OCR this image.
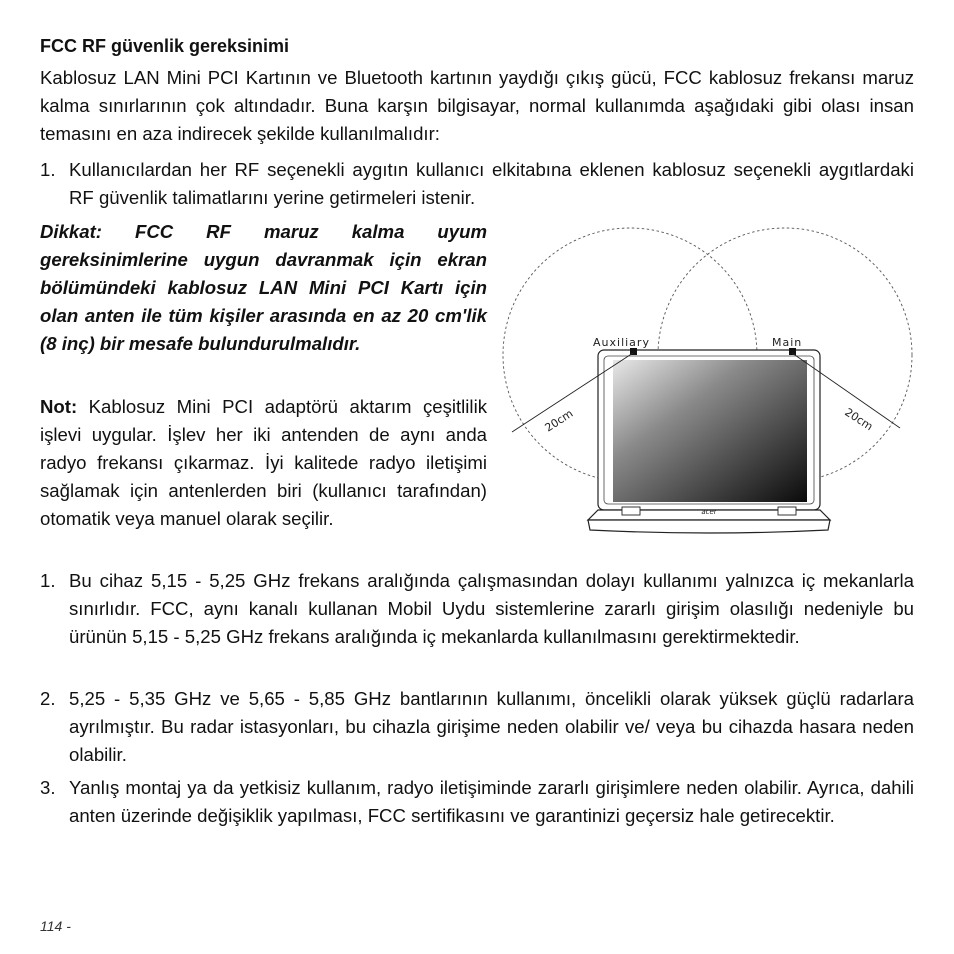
FCC RF güvenlik gereksinimi

Kablosuz LAN Mini PCI Kartının ve Bluetooth kartının yaydığı çıkış gücü, FCC kablosuz frekansı maruz kalma sınırlarının çok altındadır. Buna karşın bilgisayar, normal kullanımda aşağıdaki gibi olası insan temasını en aza indirecek şekilde kullanılmalıdır:

1. Kullanıcılardan her RF seçenekli aygıtın kullanıcı elkitabına eklenen kablosuz seçenekli aygıtlardaki RF güvenlik talimatlarını yerine getirmeleri istenir.

Dikkat: FCC RF maruz kalma uyum gereksinimlerine uygun davranmak için ekran bölümündeki kablosuz LAN Mini PCI Kartı için olan anten ile tüm kişiler arasında en az 20 cm'lik (8 inç) bir mesafe bulundurulmalıdır.

Not: Kablosuz Mini PCI adaptörü aktarım çeşitlilik işlevi uygular. İşlev her iki antenden de aynı anda radyo frekansı çıkarmaz. İyi kalitede radyo iletişimi sağlamak için antenlerden biri (kullanıcı tarafından) otomatik veya manuel olarak seçilir.	acer
Auxiliary	Main
20cm	20cm
1. Bu cihaz 5,15 - 5,25 GHz frekans aralığında çalışmasından dolayı kullanımı yalnızca iç mekanlarla sınırlıdır. FCC, aynı kanalı kullanan Mobil Uydu sistemlerine zararlı girişim olasılığı nedeniyle bu ürünün 5,15 - 5,25 GHz frekans aralığında iç mekanlarda kullanılmasını gerektirmektedir.
2. 5,25 - 5,35 GHz ve 5,65 - 5,85 GHz bantlarının kullanımı, öncelikli olarak yüksek güçlü radarlara ayrılmıştır. Bu radar istasyonları, bu cihazla girişime neden olabilir ve/ veya bu cihazda hasara neden olabilir.
3. Yanlış montaj ya da yetkisiz kullanım, radyo iletişiminde zararlı girişimlere neden olabilir. Ayrıca, dahili anten üzerinde değişiklik yapılması, FCC sertifikasını ve garantinizi geçersiz hale getirecektir.
114 -
